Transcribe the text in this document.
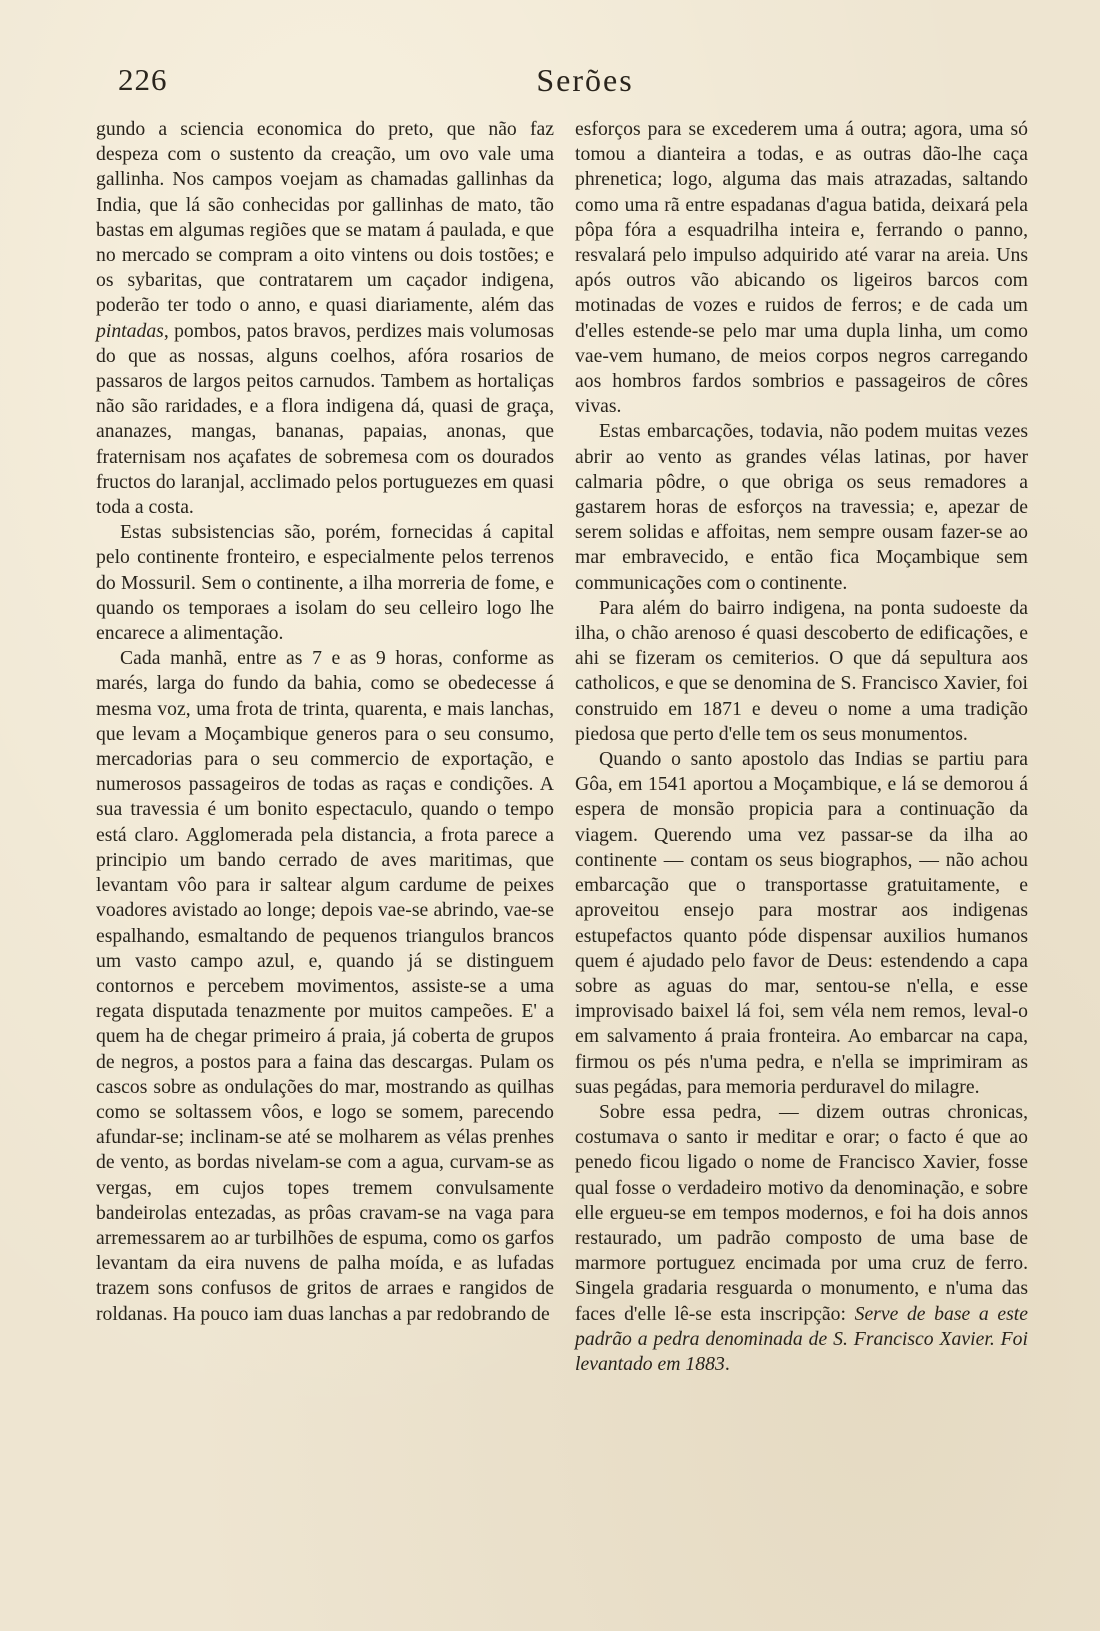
226	Serões

gundo a sciencia economica do preto, que não faz despeza com o sustento da creação, um ovo vale uma gallinha. Nos campos voejam as chamadas gallinhas da India, que lá são conhecidas por gallinhas de mato, tão bastas em algumas regiões que se matam á paulada, e que no mercado se compram a oito vintens ou dois tostões; e os sybaritas, que contratarem um caçador indigena, poderão ter todo o anno, e quasi diariamente, além das pintadas, pombos, patos bravos, perdizes mais volumosas do que as nossas, alguns coelhos, afóra rosarios de passaros de largos peitos carnudos. Tambem as hortaliças não são raridades, e a flora indigena dá, quasi de graça, ananazes, mangas, bananas, papaias, anonas, que fraternisam nos açafates de sobremesa com os dourados fructos do laranjal, acclimado pelos portuguezes em quasi toda a costa.

Estas subsistencias são, porém, fornecidas á capital pelo continente fronteiro, e especialmente pelos terrenos do Mossuril. Sem o continente, a ilha morreria de fome, e quando os temporaes a isolam do seu celleiro logo lhe encarece a alimentação.

Cada manhã, entre as 7 e as 9 horas, conforme as marés, larga do fundo da bahia, como se obedecesse á mesma voz, uma frota de trinta, quarenta, e mais lanchas, que levam a Moçambique generos para o seu consumo, mercadorias para o seu commercio de exportação, e numerosos passageiros de todas as raças e condições. A sua travessia é um bonito espectaculo, quando o tempo está claro. Agglomerada pela distancia, a frota parece a principio um bando cerrado de aves maritimas, que levantam vôo para ir saltear algum cardume de peixes voadores avistado ao longe; depois vae-se abrindo, vae-se espalhando, esmaltando de pequenos triangulos brancos um vasto campo azul, e, quando já se distinguem contornos e percebem movimentos, assiste-se a uma regata disputada tenazmente por muitos campeões. E' a quem ha de chegar primeiro á praia, já coberta de grupos de negros, a postos para a faina das descargas. Pulam os cascos sobre as ondulações do mar, mostrando as quilhas como se soltassem vôos, e logo se somem, parecendo afundar-se; inclinam-se até se molharem as vélas prenhes de vento, as bordas nivelam-se com a agua, curvam-se as vergas, em cujos topes tremem convulsamente bandeirolas entezadas, as prôas cravam-se na vaga para arremessarem ao ar turbilhões de espuma, como os garfos levantam da eira nuvens de palha moída, e as lufadas trazem sons confusos de gritos de arraes e rangidos de roldanas. Ha pouco iam duas lanchas a par redobrando de

esforços para se excederem uma á outra; agora, uma só tomou a dianteira a todas, e as outras dão-lhe caça phrenetica; logo, alguma das mais atrazadas, saltando como uma rã entre espadanas d'agua batida, deixará pela pôpa fóra a esquadrilha inteira e, ferrando o panno, resvalará pelo impulso adquirido até varar na areia. Uns após outros vão abicando os ligeiros barcos com motinadas de vozes e ruidos de ferros; e de cada um d'elles estende-se pelo mar uma dupla linha, um como vae-vem humano, de meios corpos negros carregando aos hombros fardos sombrios e passageiros de côres vivas.

Estas embarcações, todavia, não podem muitas vezes abrir ao vento as grandes vélas latinas, por haver calmaria pôdre, o que obriga os seus remadores a gastarem horas de esforços na travessia; e, apezar de serem solidas e affoitas, nem sempre ousam fazer-se ao mar embravecido, e então fica Moçambique sem communicações com o continente.

Para além do bairro indigena, na ponta sudoeste da ilha, o chão arenoso é quasi descoberto de edificações, e ahi se fizeram os cemiterios. O que dá sepultura aos catholicos, e que se denomina de S. Francisco Xavier, foi construido em 1871 e deveu o nome a uma tradição piedosa que perto d'elle tem os seus monumentos.

Quando o santo apostolo das Indias se partiu para Gôa, em 1541 aportou a Moçambique, e lá se demorou á espera de monsão propicia para a continuação da viagem. Querendo uma vez passar-se da ilha ao continente — contam os seus biographos, — não achou embarcação que o transportasse gratuitamente, e aproveitou ensejo para mostrar aos indigenas estupefactos quanto póde dispensar auxilios humanos quem é ajudado pelo favor de Deus: estendendo a capa sobre as aguas do mar, sentou-se n'ella, e esse improvisado baixel lá foi, sem véla nem remos, leval-o em salvamento á praia fronteira. Ao embarcar na capa, firmou os pés n'uma pedra, e n'ella se imprimiram as suas pegádas, para memoria perduravel do milagre.

Sobre essa pedra, — dizem outras chronicas, costumava o santo ir meditar e orar; o facto é que ao penedo ficou ligado o nome de Francisco Xavier, fosse qual fosse o verdadeiro motivo da denominação, e sobre elle ergueu-se em tempos modernos, e foi ha dois annos restaurado, um padrão composto de uma base de marmore portuguez encimada por uma cruz de ferro. Singela gradaria resguarda o monumento, e n'uma das faces d'elle lê-se esta inscripção: Serve de base a este padrão a pedra denominada de S. Francisco Xavier. Foi levantado em 1883.
